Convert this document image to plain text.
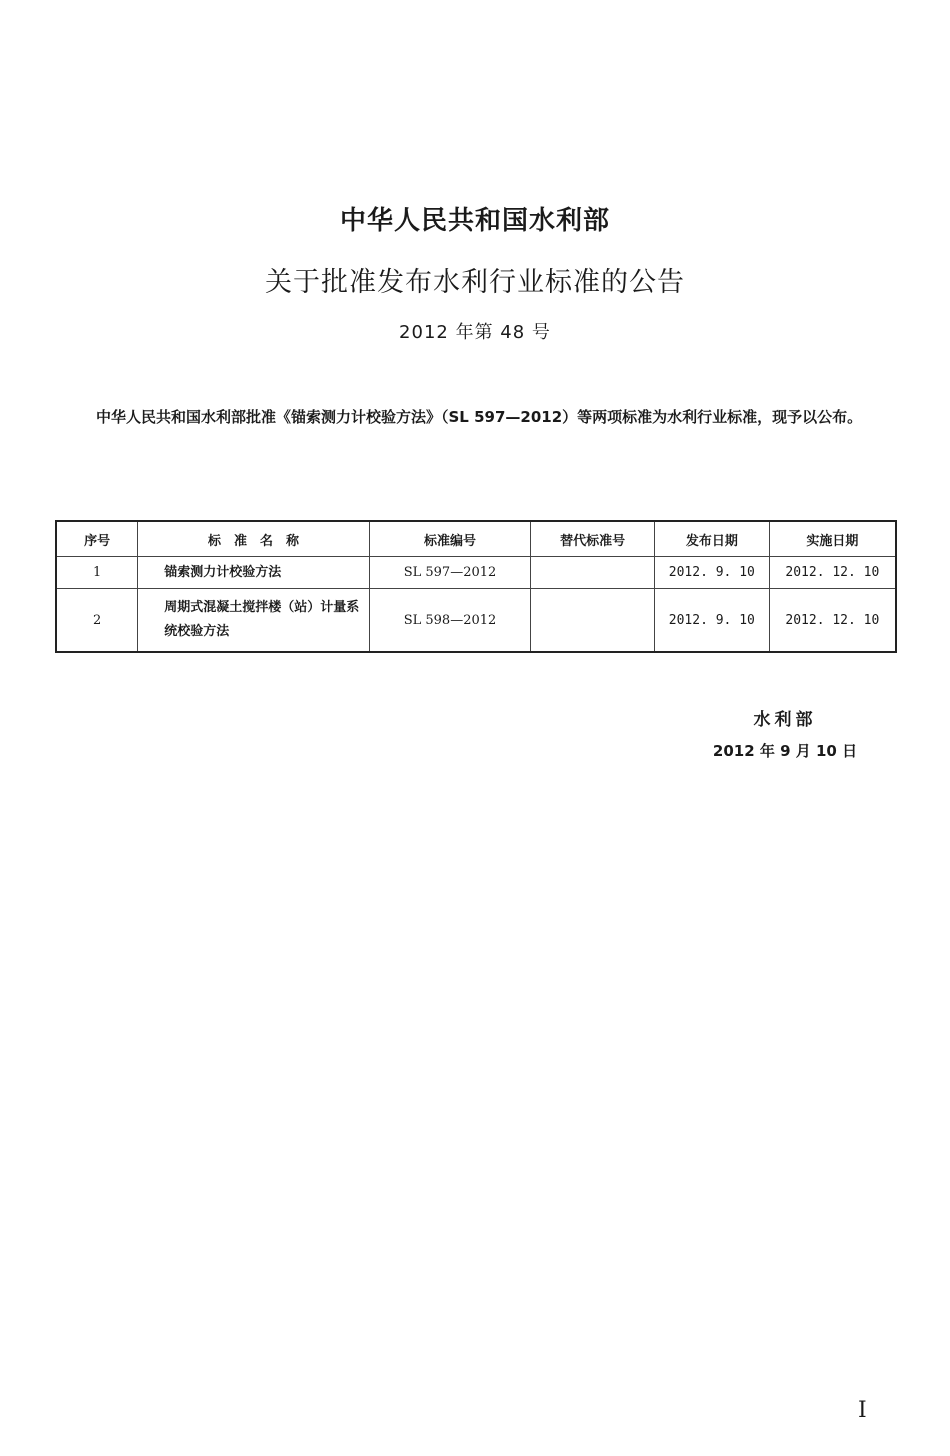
中华人民共和国水利部
关于批准发布水利行业标准的公告
2012 年第 48 号

中华人民共和国水利部批准《锚索测力计校验方法》（SL 597—2012）等两项标准为水利行业标准，现予以公布。

序号	标　准　名　称	标准编号	替代标准号	发布日期	实施日期
1	锚索测力计校验方法	SL 597—2012		2012. 9. 10	2012. 12. 10
2	周期式混凝土搅拌楼（站）计量系统校验方法	SL 598—2012		2012. 9. 10	2012. 12. 10
水利部
2012 年 9 月 10 日
I
